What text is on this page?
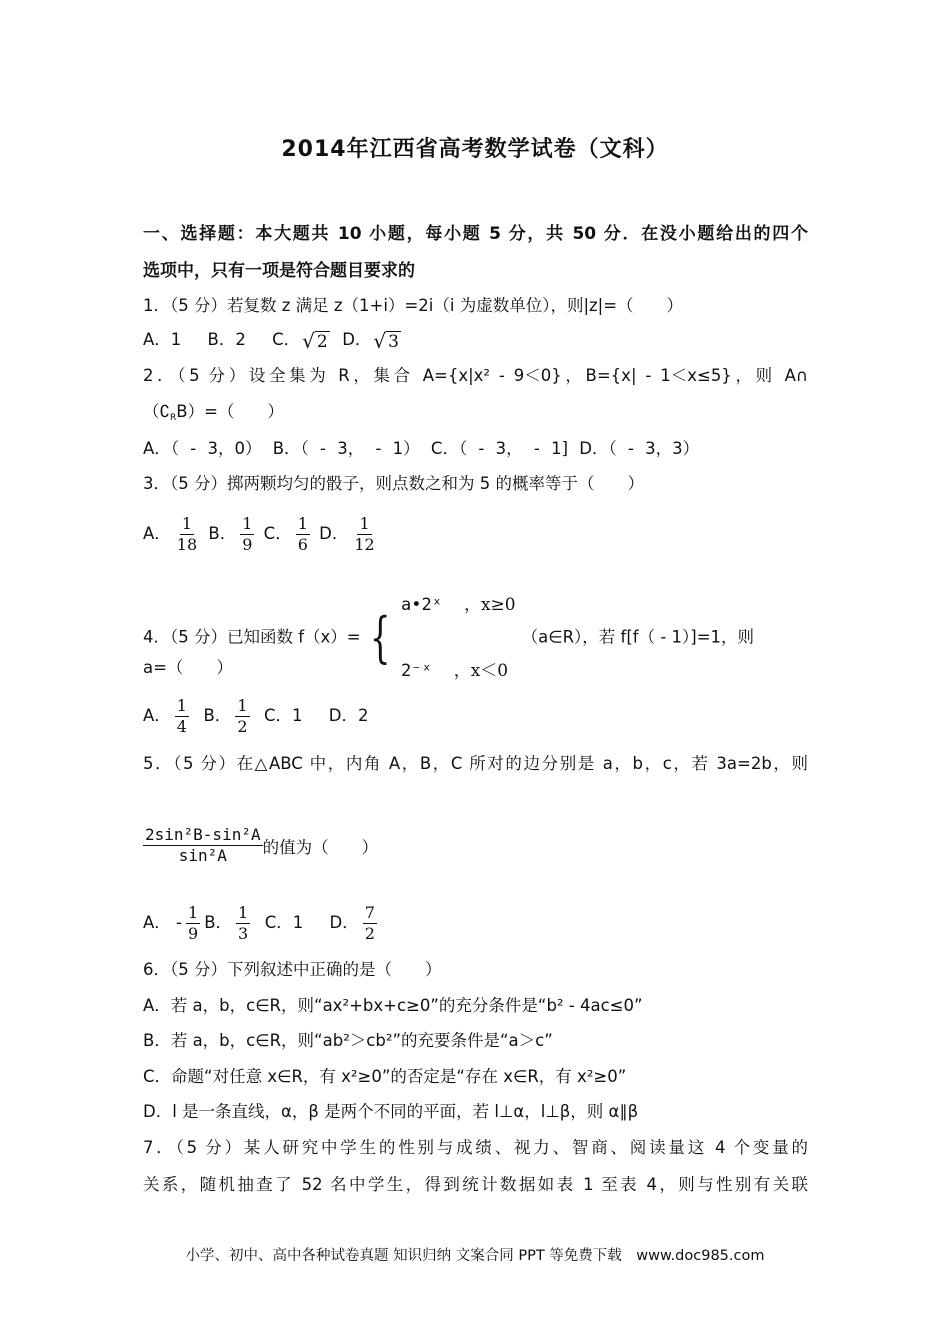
2014年江西省高考数学试卷（文科）
一、选择题：本大题共 10 小题，每小题 5 分，共 50 分．在没小题给出的四个
选项中，只有一项是符合题目要求的
1．（5 分）若复数 z 满足 z（1+i）=2i（i 为虚数单位），则|z|=（　　）
A．1 B．2 C． √ 2 D． √ 3
2．（5 分）设全集为 R，集合 A={x|x² - 9＜0}，B={x| - 1＜x≤5}，则 A∩
$(∁_RB)=$（　　）
A．（ - 3，0） B．（ - 3， - 1） C．（ - 3， - 1] D．（ - 3，3）
3．（5 分）掷两颗均匀的骰子，则点数之和为 5 的概率等于（　　）
A． $\frac{1}{18}$ B． $\frac{1}{9}$ C． $\frac{1}{6}$ D． $\frac{1}{12}$
4．（5 分）已知函数 f（x）= {
a•2ˣ ，x≥0
2⁻ˣ ，x＜0
（a∈R），若 f[f（ - 1）]=1，则
a=（　　）
A． $\frac{1}{4}$ B． $\frac{1}{2}$ C．1 D．2
5．（5 分）在△ABC 中，内角 A，B，C 所对的边分别是 a，b，c，若 3a=2b，则
$\frac{\text{2sin²B-sin²A}}{\text{sin²A}}$ 的值为（　　）
A． - $\frac{1}{9}$ B． $\frac{1}{3}$ C．1 D． $\frac{7}{2}$
6．（5 分）下列叙述中正确的是（　　）
A．若 a，b，c∈R，则“ax²+bx+c≥0”的充分条件是“b² - 4ac≤0”
B．若 a，b，c∈R，则“ab²＞cb²”的充要条件是“a＞c”
C．命题“对任意 x∈R，有 x²≥0”的否定是“存在 x∈R，有 x²≥0”
D．l 是一条直线，α，β 是两个不同的平面，若 l⊥α，l⊥β，则 α∥β
7．（5 分）某人研究中学生的性别与成绩、视力、智商、阅读量这 4 个变量的
关系，随机抽查了 52 名中学生，得到统计数据如表 1 至表 4，则与性别有关联
小学、初中、高中各种试卷真题 知识归纳 文案合同 PPT 等免费下载　www.doc985.com
